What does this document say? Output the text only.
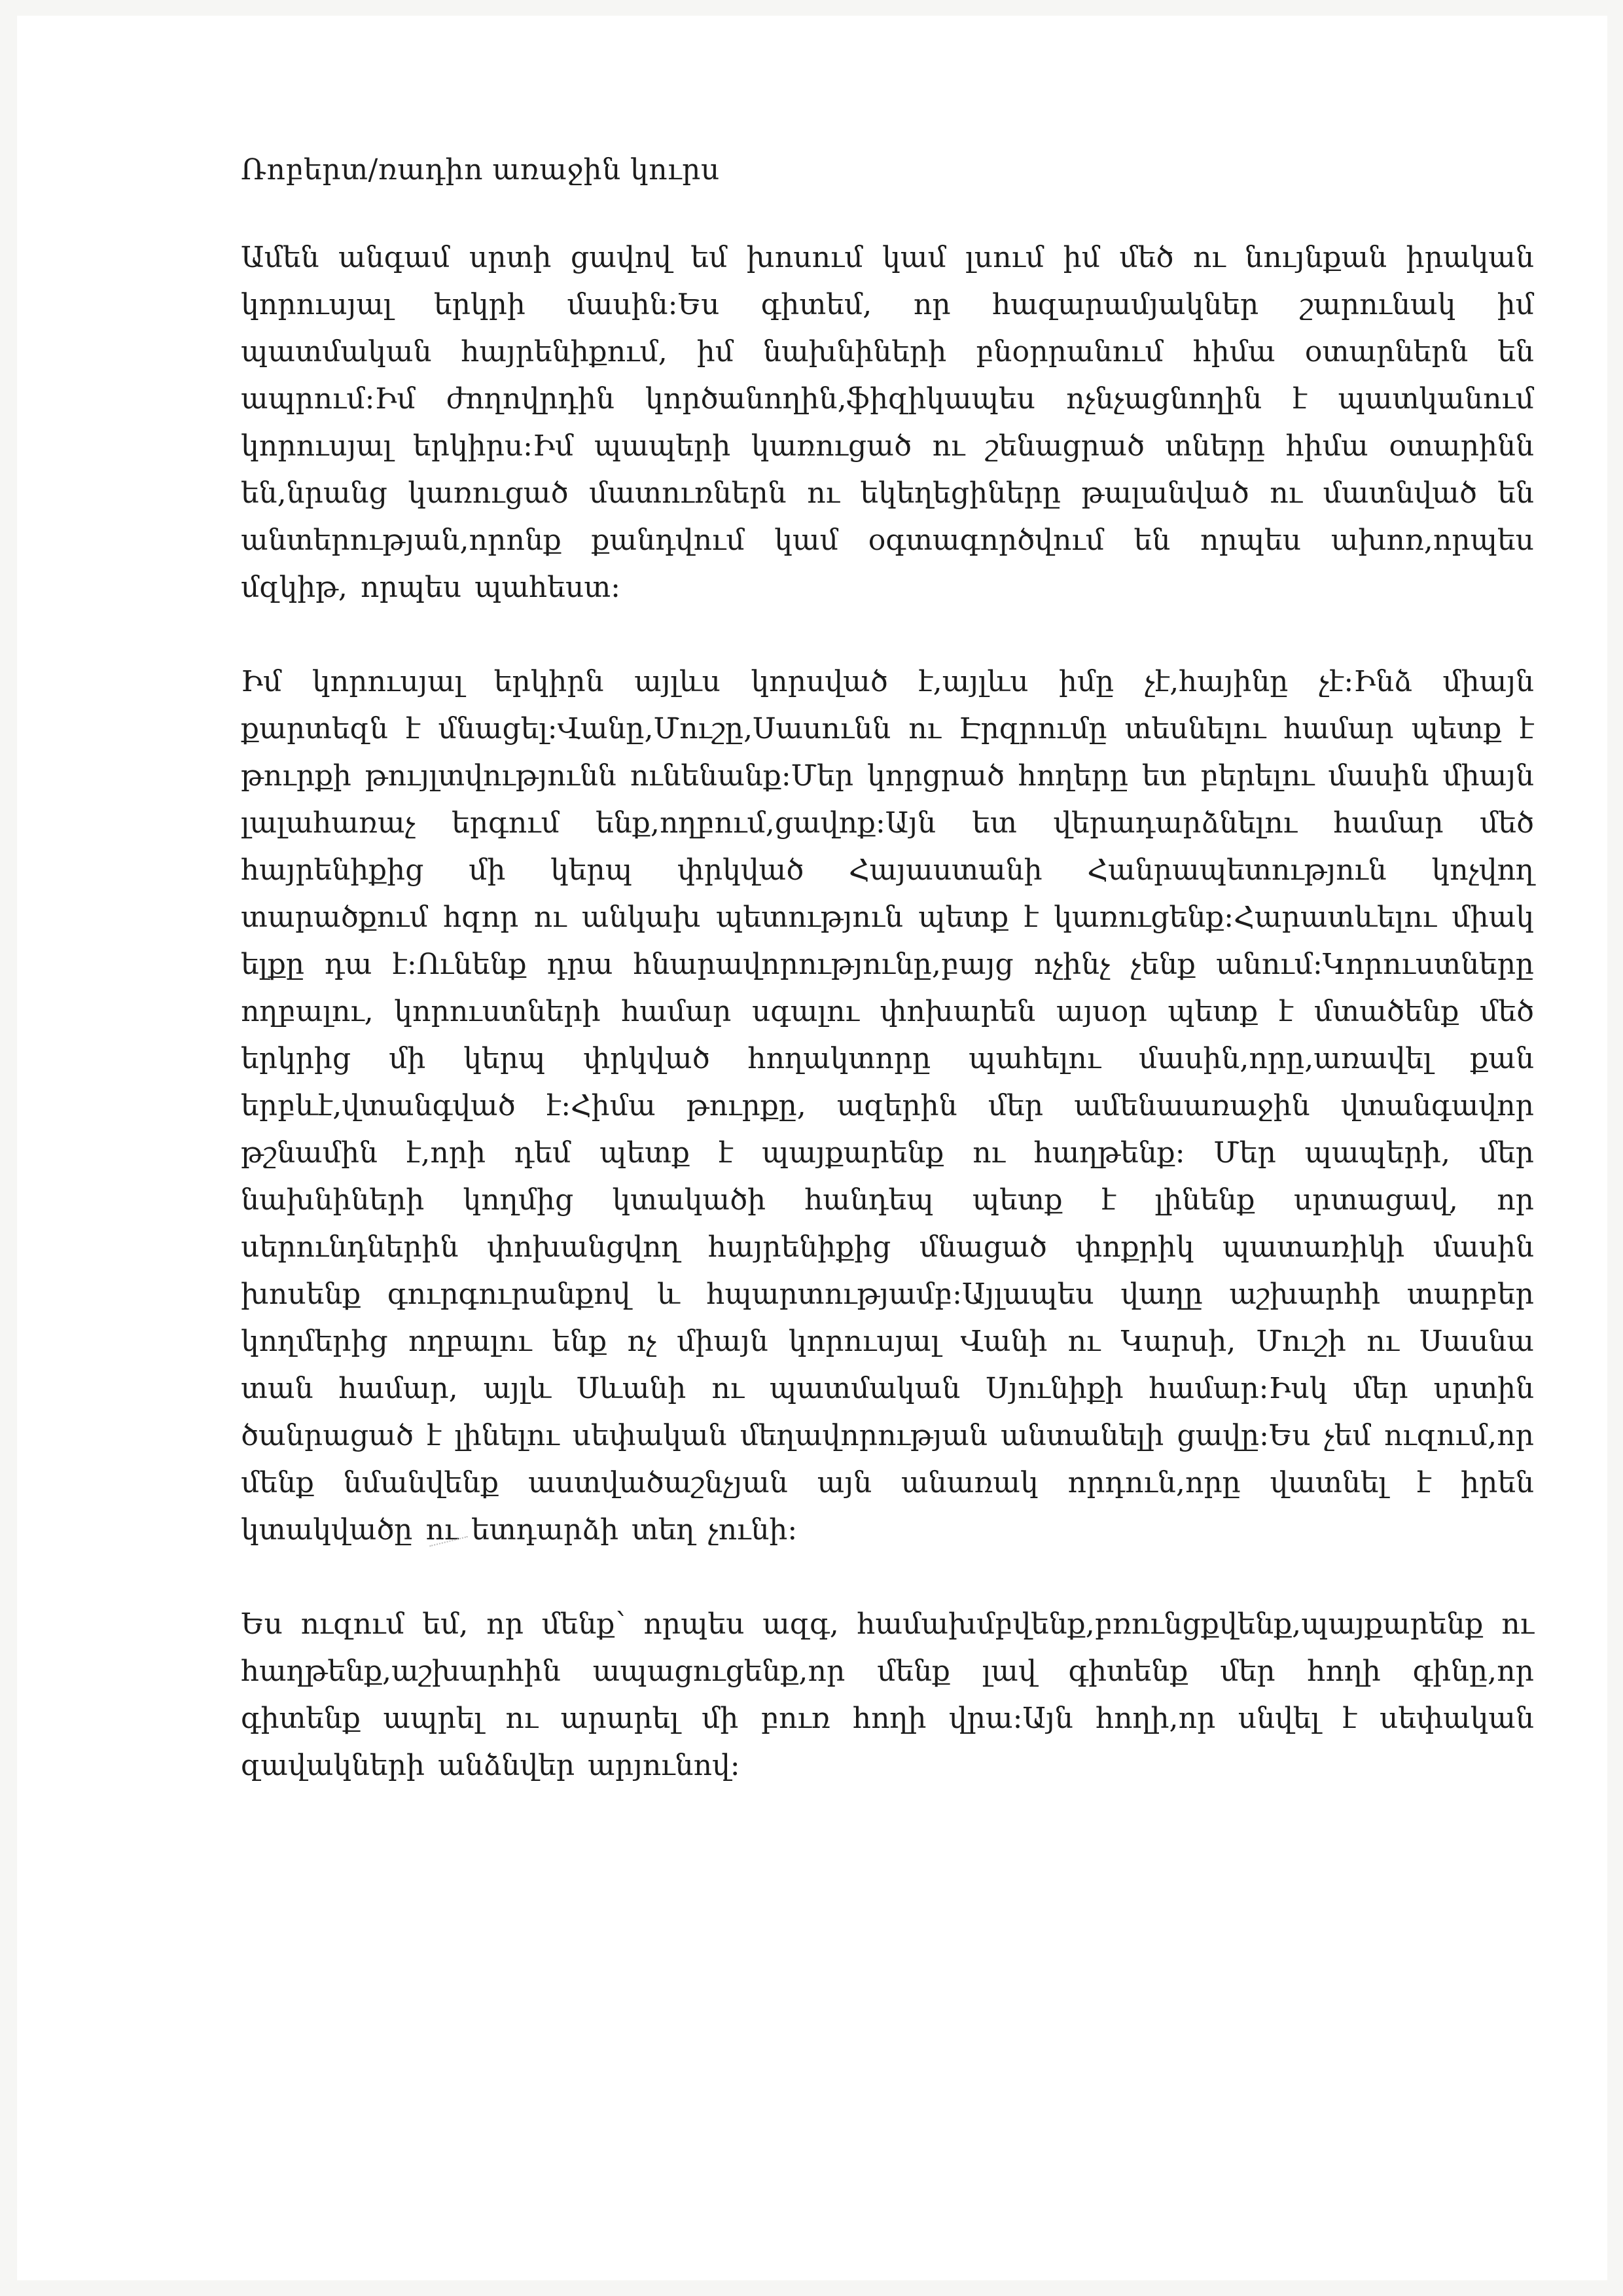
Ռոբերտ/ռադիո առաջին կուրս

Ամեն անգամ սրտի ցավով եմ խոսում կամ լսում իմ մեծ ու նույնքան իրական կորուսյալ երկրի մասին:Ես գիտեմ, որ հազարամյակներ շարունակ իմ պատմական հայրենիքում, իմ նախնիների բնօրրանում հիմա օտարներն են ապրում:Իմ ժողովրդին կործանողին,ֆիզիկապես ոչնչացնողին է պատկանում կորուսյալ երկիրս:Իմ պապերի կառուցած ու շենացրած տները հիմա օտարինն են,նրանց կառուցած մատուռներն ու եկեղեցիները թալանված ու մատնված են անտերության,որոնք քանդվում կամ օգտագործվում են որպես ախոռ,որպես մզկիթ, որպես պահեստ:

Իմ կորուսյալ երկիրն այլևս կորսված է,այլևս իմը չէ,հայինը չէ:Ինձ միայն քարտեզն է մնացել:Վանը,Մուշը,Սասունն ու Էրզրումը տեսնելու համար պետք է թուրքի թույլտվությունն ունենանք:Մեր կորցրած հողերը ետ բերելու մասին միայն լալահառաչ երգում ենք,ողբում,ցավոք:Այն ետ վերադարձնելու համար մեծ հայրենիքից մի կերպ փրկված Հայաստանի Հանրապետություն կոչվող տարածքում հզոր ու անկախ պետություն պետք է կառուցենք:Հարատևելու միակ ելքը դա է:Ունենք դրա հնարավորությունը,բայց ոչինչ չենք անում:Կորուստները ողբալու, կորուստների համար սգալու փոխարեն այսօր պետք է մտածենք մեծ երկրից մի կերպ փրկված հողակտորը պահելու մասին,որը,առավել քան երբևէ,վտանգված է:Հիմա թուրքը, ազերին մեր ամենաառաջին վտանգավոր թշնամին է,որի դեմ պետք է պայքարենք ու հաղթենք: Մեր պապերի, մեր նախնիների կողմից կտակածի հանդեպ պետք է լինենք սրտացավ, որ սերունդներին փոխանցվող հայրենիքից մնացած փոքրիկ պատառիկի մասին խոսենք գուրգուրանքով և հպարտությամբ:Այլապես վաղը աշխարհի տարբեր կողմերից ողբալու ենք ոչ միայն կորուսյալ Վանի ու Կարսի, Մուշի ու Սասնա տան համար, այլև Սևանի ու պատմական Սյունիքի համար:Իսկ մեր սրտին ծանրացած է լինելու սեփական մեղավորության անտանելի ցավը:Ես չեմ ուզում,որ մենք նմանվենք աստվածաշնչյան այն անառակ որդուն,որը վատնել է իրեն կտակվածը ու ետդարձի տեղ չունի:

Ես ուզում եմ, որ մենք՝ որպես ազգ, համախմբվենք,բռունցքվենք,պայքարենք ու հաղթենք,աշխարհին ապացուցենք,որ մենք լավ գիտենք մեր հողի գինը,որ գիտենք ապրել ու արարել մի բուռ հողի վրա:Այն հողի,որ սնվել է սեփական զավակների անձնվեր արյունով:
